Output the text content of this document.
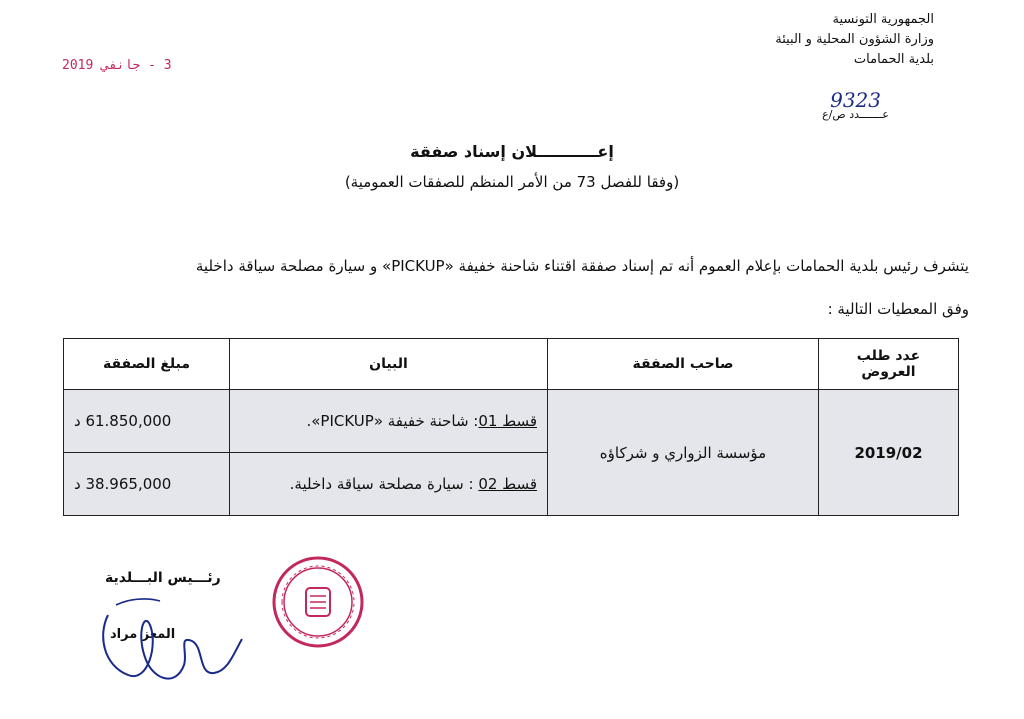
الجمهورية التونسية
وزارة الشؤون المحلية و البيئة
بلدية الحمامات
9323
عـــــــدد ص/ع
3 - جانفي 2019
إعـــــــــــلان إسناد صفقة
(وفقا للفصل 73 من الأمر المنظم للصفقات العمومية)
يتشرف رئيس بلدية الحمامات بإعلام العموم أنه تم إسناد صفقة اقتناء شاحنة خفيفة «PICKUP» و سيارة مصلحة سياقة داخلية
وفق المعطيات التالية :
مبلغ الصفقة	البيان	صاحب الصفقة	عدد طلب العروض
61.850,000 د	قسط 01: شاحنة خفيفة «PICKUP».	مؤسسة الزواري و شركاؤه	2019/02
38.965,000 د	قسط 02 : سيارة مصلحة سياقة داخلية.		
رئـــيس البـــلدية
المعز مراد
